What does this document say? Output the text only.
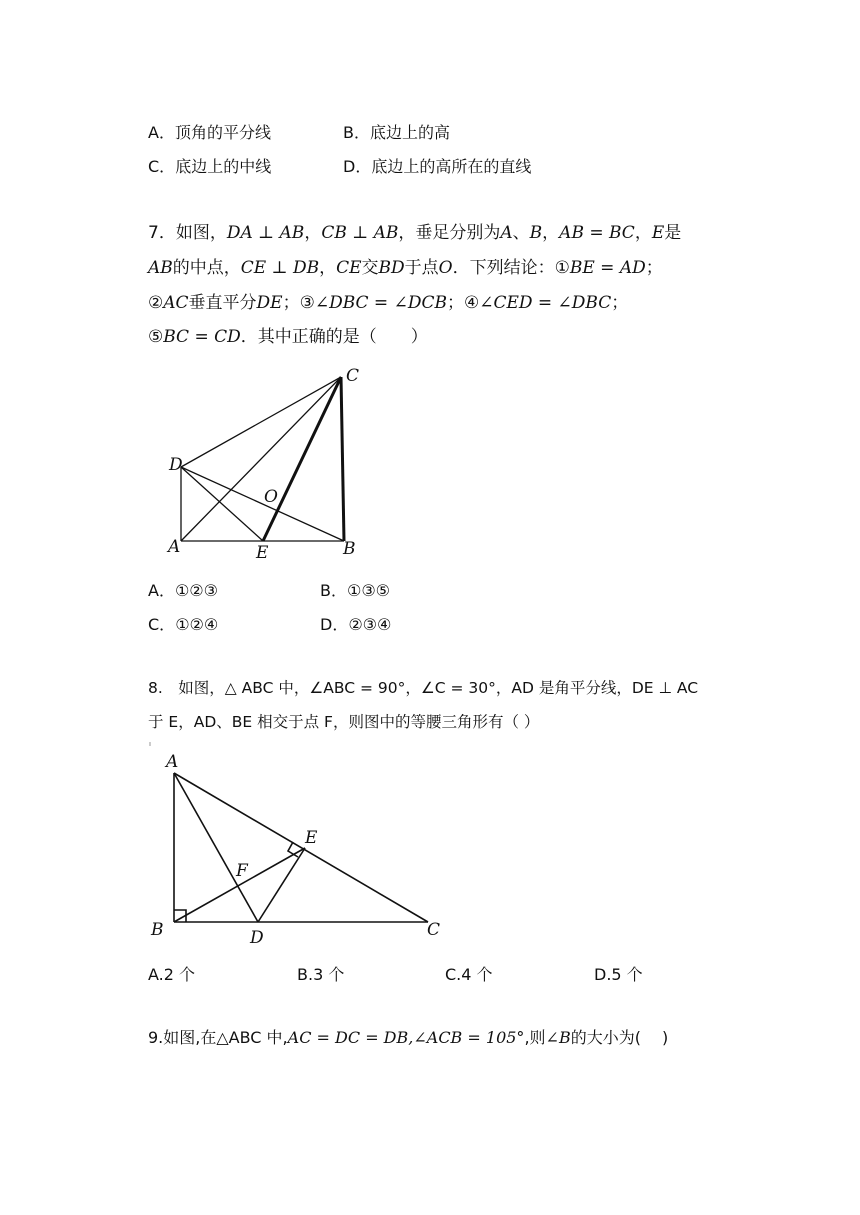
A．顶角的平分线	B．底边上的高
C．底边上的中线	D．底边上的高所在的直线
7．如图，DA ⊥ AB，CB ⊥ AB，垂足分别为A、B，AB = BC，E是
AB的中点，CE ⊥ DB，CE交BD于点O．下列结论：①BE = AD；
②AC垂直平分DE；③∠DBC = ∠DCB；④∠CED = ∠DBC；
⑤BC = CD．其中正确的是（　　）
C
D
O
A	E	B
A．①②③	B．①③⑤
C．①②④	D．②③④
8.　如图，△ ABC 中，∠ABC = 90°，∠C = 30°，AD 是角平分线，DE ⊥ AC
于 E，AD、BE 相交于点 F，则图中的等腰三角形有（ ）
A
E
F
B	D	C
A.2 个	B.3 个	C.4 个	D.5 个
9.如图,在△ABC 中,AC = DC = DB,∠ACB = 105°,则∠B的大小为(　 )
